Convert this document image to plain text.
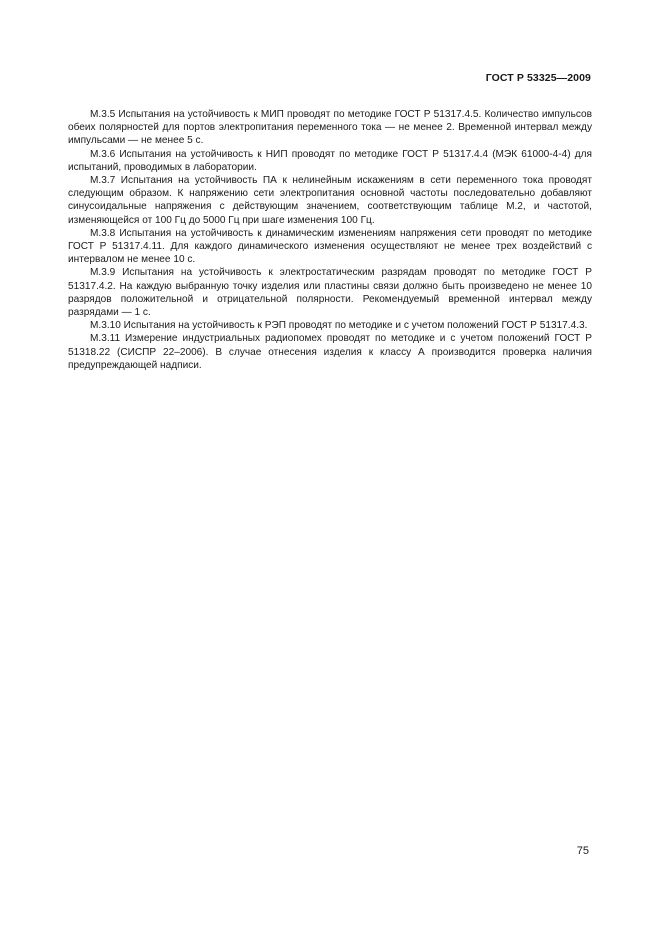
ГОСТ Р 53325—2009

М.3.5 Испытания на устойчивость к МИП проводят по методике ГОСТ Р 51317.4.5. Количество импульсов обеих полярностей для портов электропитания переменного тока — не менее 2. Временной интервал между импульсами — не менее 5 с.

М.3.6 Испытания на устойчивость к НИП проводят по методике ГОСТ Р 51317.4.4 (МЭК 61000-4-4) для испытаний, проводимых в лаборатории.

М.3.7 Испытания на устойчивость ПА к нелинейным искажениям в сети переменного тока проводят следующим образом. К напряжению сети электропитания основной частоты последовательно добавляют синусоидальные напряжения с действующим значением, соответствующим таблице М.2, и частотой, изменяющейся от 100 Гц до 5000 Гц при шаге изменения 100 Гц.

М.3.8 Испытания на устойчивость к динамическим изменениям напряжения сети проводят по методике ГОСТ Р 51317.4.11. Для каждого динамического изменения осуществляют не менее трех воздействий с интервалом не менее 10 с.

М.3.9 Испытания на устойчивость к электростатическим разрядам проводят по методике ГОСТ Р 51317.4.2. На каждую выбранную точку изделия или пластины связи должно быть произведено не менее 10 разрядов положительной и отрицательной полярности. Рекомендуемый временной интервал между разрядами — 1 с.

М.3.10 Испытания на устойчивость к РЭП проводят по методике и с учетом положений ГОСТ Р 51317.4.3.

М.3.11 Измерение индустриальных радиопомех проводят по методике и с учетом положений ГОСТ Р 51318.22 (СИСПР 22–2006). В случае отнесения изделия к классу А производится проверка наличия предупреждающей надписи.

75
